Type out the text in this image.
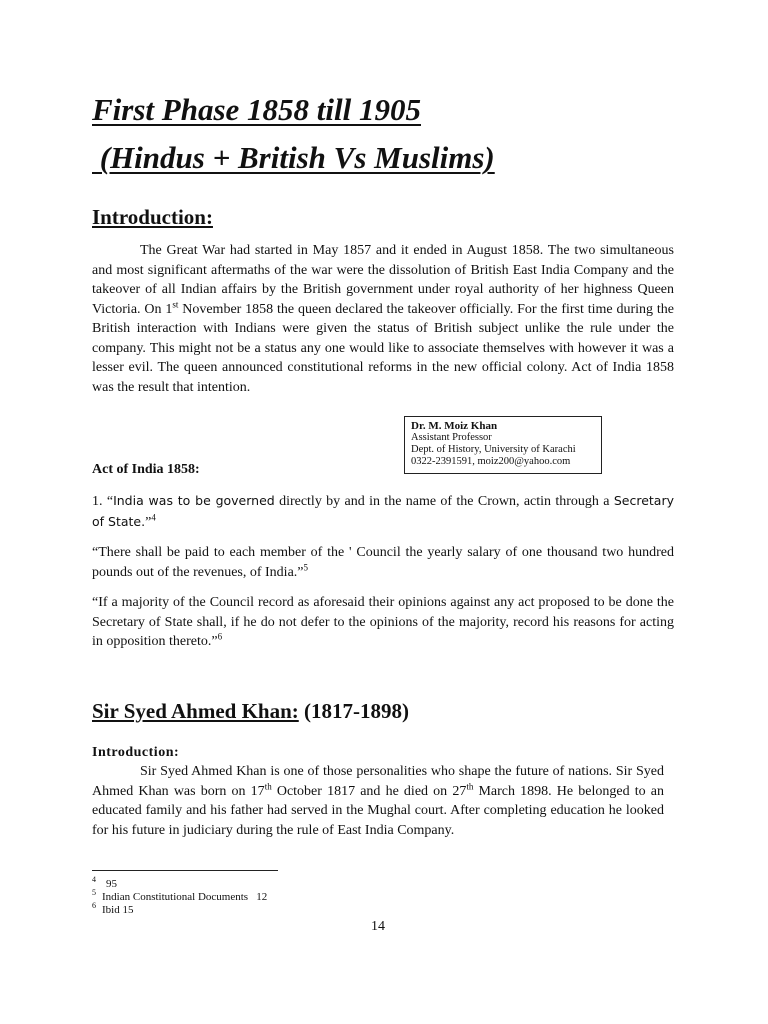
First Phase 1858 till 1905
(Hindus + British Vs Muslims)
Introduction:

The Great War had started in May 1857 and it ended in August 1858. The two simultaneous and most significant aftermaths of the war were the dissolution of British East India Company and the takeover of all Indian affairs by the British government under royal authority of her highness Queen Victoria. On 1st November 1858 the queen declared the takeover officially. For the first time during the British interaction with Indians were given the status of British subject unlike the rule under the company. This might not be a status any one would like to associate themselves with however it was a lesser evil. The queen announced constitutional reforms in the new official colony. Act of India 1858 was the result that intention.

Dr. M. Moiz Khan
Assistant Professor
Dept. of History, University of Karachi
0322-2391591, moiz200@yahoo.com
Act of India 1858:

1. “India was to be governed directly by and in the name of the Crown, actin through a Secretary of State.”$^4$

“There shall be paid to each member of the ' Council the yearly salary of one thousand two hundred pounds out of the revenues, of India.”$^5$

“If a majority of the Council record as aforesaid their opinions against any act proposed to be done the Secretary of State shall, if he do not defer to the opinions of the majority, record his reasons for acting in opposition thereto.”$^6$

Sir Syed Ahmed Khan: (1817-1898)
Introduction:

Sir Syed Ahmed Khan is one of those personalities who shape the future of nations. Sir Syed Ahmed Khan was born on 17th October 1817 and he died on 27th March 1898. He belonged to an educated family and his father had served in the Mughal court. After completing education he looked for his future in judiciary during the rule of East India Company.

$^4$ 95
$^5$ Indian Constitutional Documents   12
$^6$ Ibid 15
14
